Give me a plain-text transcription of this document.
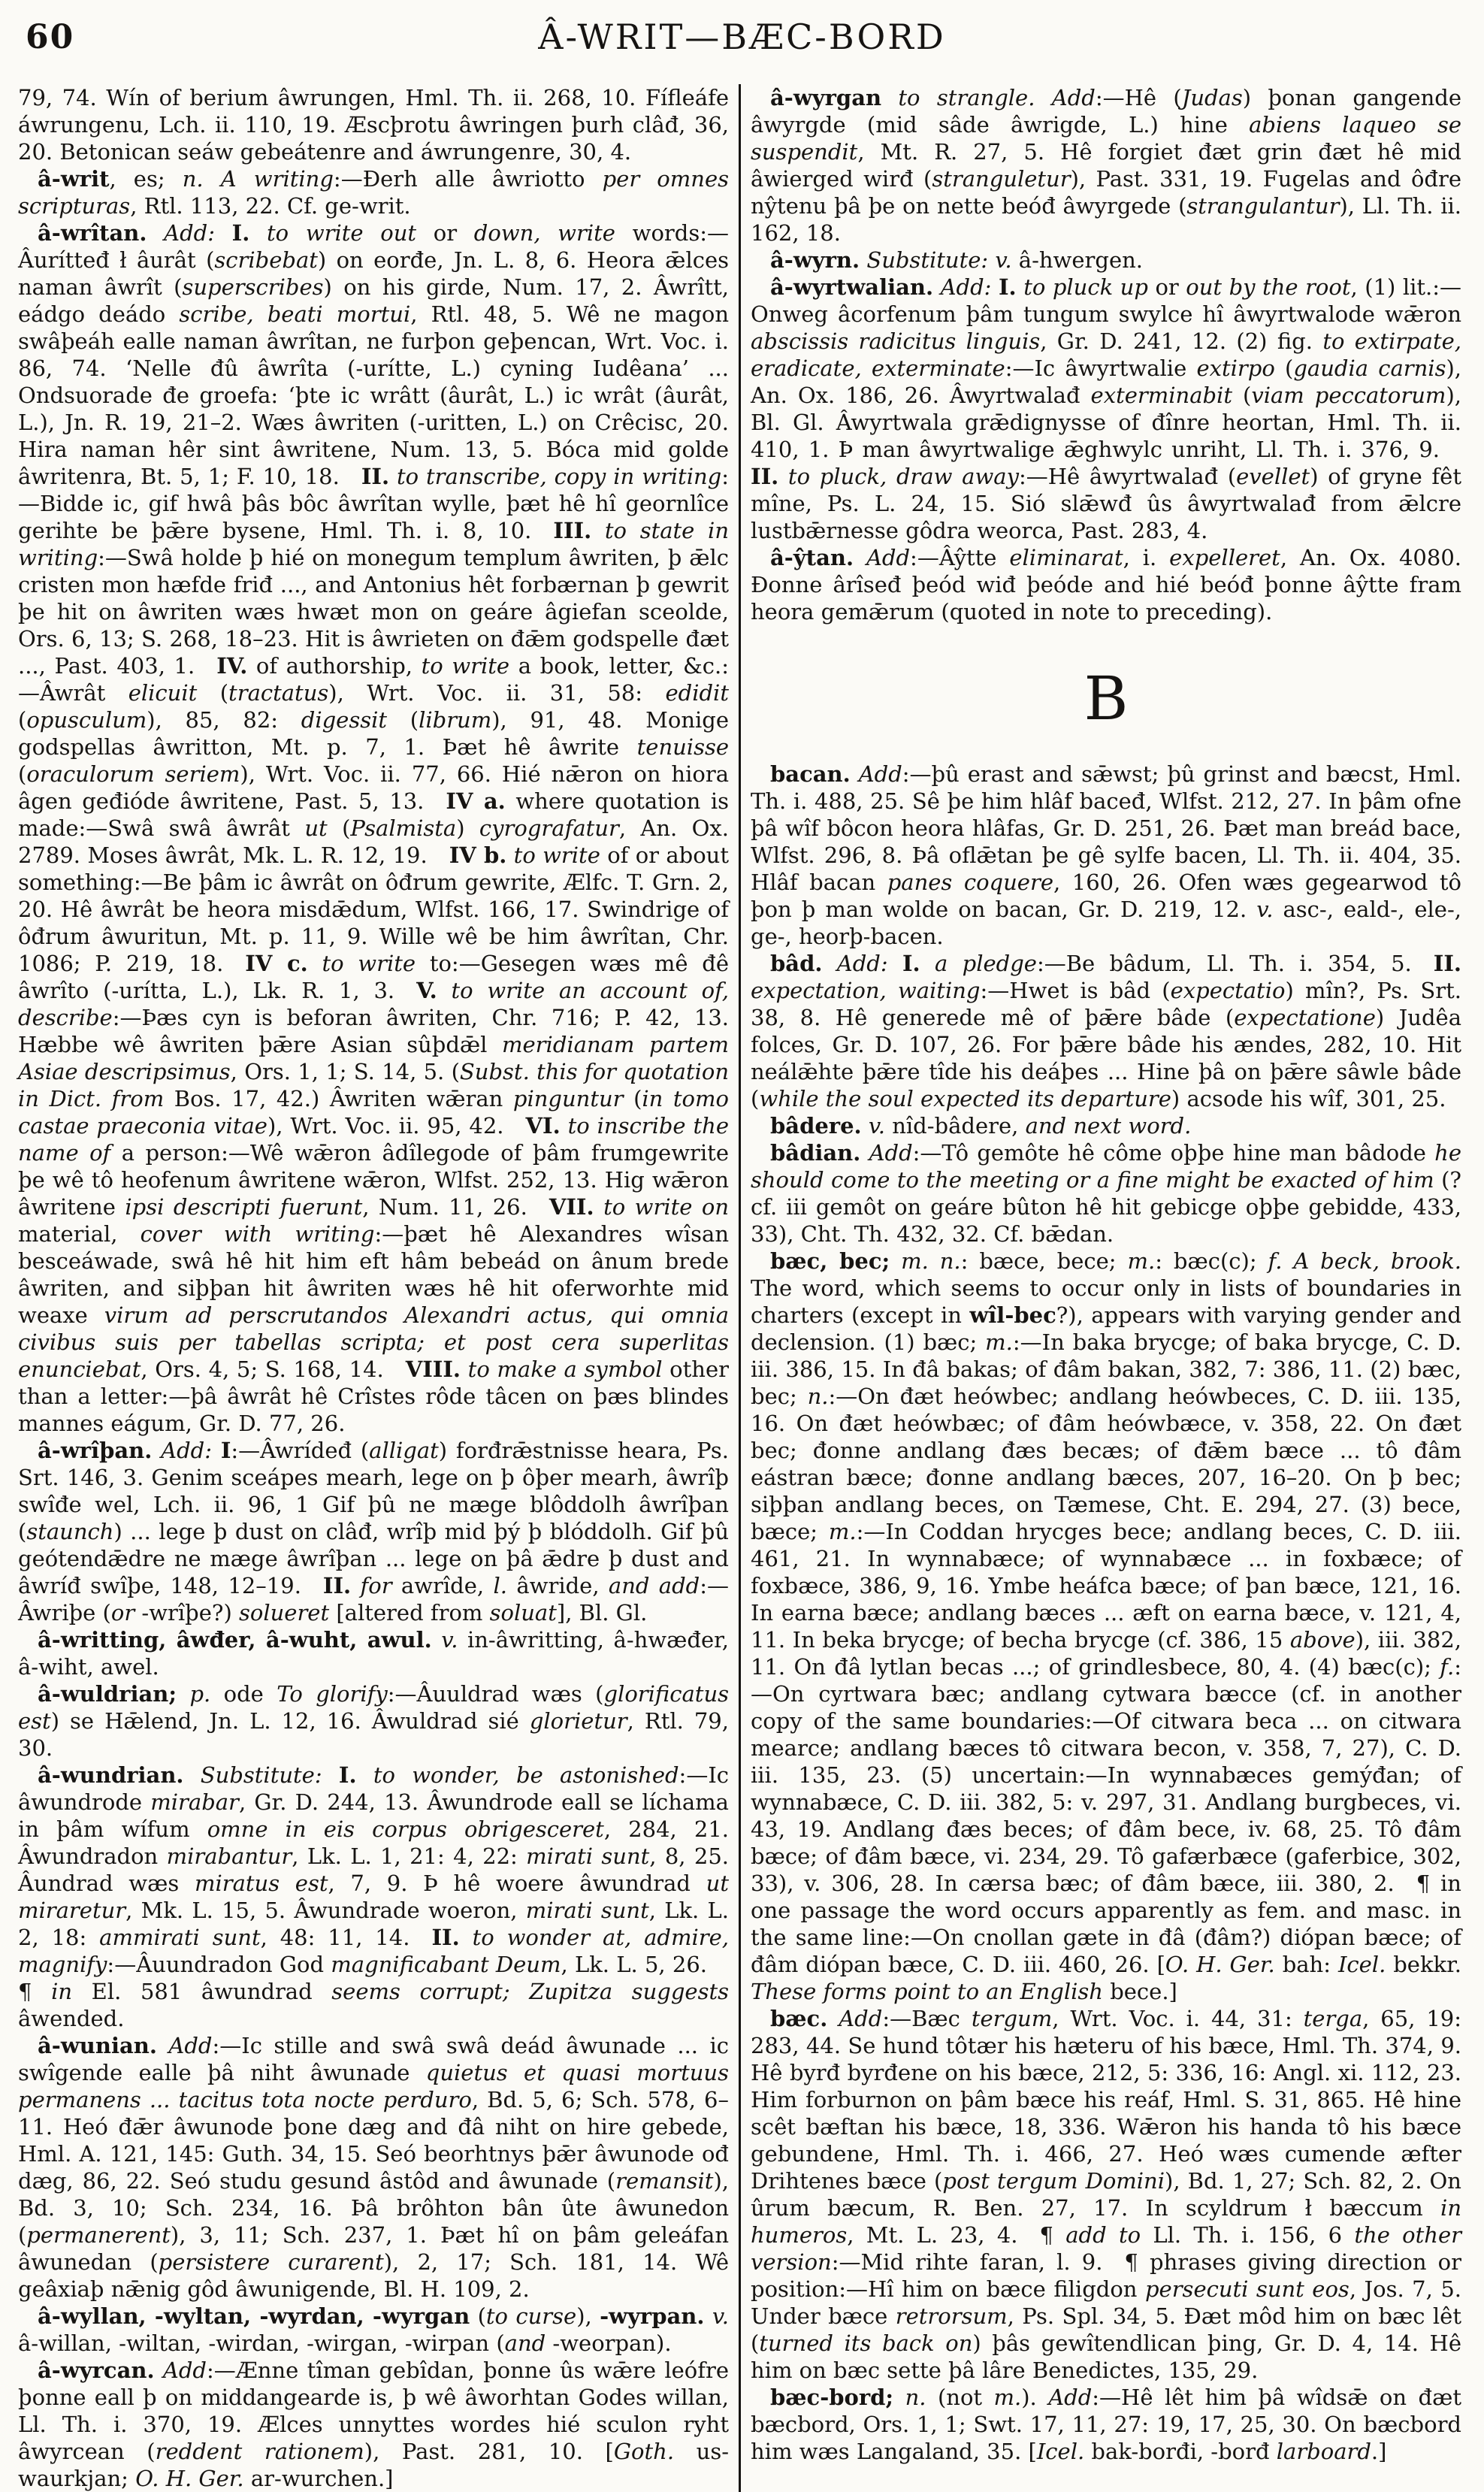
60	Â-WRIT—BÆC-BORD

79, 74. Wín of berium âwrungen, Hml. Th. ii. 268, 10. Fífleáfe áwrungenu, Lch. ii. 110, 19. Æscþrotu âwringen þurh clâđ, 36, 20. Betonican seáw gebeátenre and áwrungenre, 30, 4.

â-writ, es; n. A writing:—Ðerh alle âwriotto per omnes scripturas, Rtl. 113, 22. Cf. ge-writ.

â-wrîtan. Add: I. to write out or down, write words:—Âurítteđ ł âurât (scribebat) on eorđe, Jn. L. 8, 6. Heora ǣlces naman âwrît (superscribes) on his girde, Num. 17, 2. Âwrîtt, eádgo deádo scribe, beati mortui, Rtl. 48, 5. Wê ne magon swâþeáh ealle naman âwrîtan, ne furþon geþencan, Wrt. Voc. i. 86, 74. ‘Nelle đû âwrîta (-urítte, L.) cyning Iudêana’ ... Ondsuorade đe groefa: ‘þte ic wrâtt (âurât, L.) ic wrât (âurât, L.), Jn. R. 19, 21–2. Wæs âwriten (-uritten, L.) on Crêcisc, 20. Hira naman hêr sint âwritene, Num. 13, 5. Bóca mid golde âwritenra, Bt. 5, 1; F. 10, 18. II. to transcribe, copy in writing:—Bidde ic, gif hwâ þâs bôc âwrîtan wylle, þæt hê hî geornlîce gerihte be þǣre bysene, Hml. Th. i. 8, 10. III. to state in writing:—Swâ holde þ hié on monegum templum âwriten, þ ǣlc cristen mon hæfde friđ ..., and Antonius hêt forbærnan þ gewrit þe hit on âwriten wæs hwæt mon on geáre âgiefan sceolde, Ors. 6, 13; S. 268, 18–23. Hit is âwrieten on đǣm godspelle đæt ..., Past. 403, 1. IV. of authorship, to write a book, letter, &c.:—Âwrât elicuit (tractatus), Wrt. Voc. ii. 31, 58: edidit (opusculum), 85, 82: digessit (librum), 91, 48. Monige godspellas âwritton, Mt. p. 7, 1. Þæt hê âwrite tenuisse (oraculorum seriem), Wrt. Voc. ii. 77, 66. Hié nǣron on hiora âgen geđióde âwritene, Past. 5, 13. IV a. where quotation is made:—Swâ swâ âwrât ut (Psalmista) cyrografatur, An. Ox. 2789. Moses âwrât, Mk. L. R. 12, 19. IV b. to write of or about something:—Be þâm ic âwrât on ôđrum gewrite, Ælfc. T. Grn. 2, 20. Hê âwrât be heora misdǣdum, Wlfst. 166, 17. Swindrige of ôđrum âwuritun, Mt. p. 11, 9. Wille wê be him âwrîtan, Chr. 1086; P. 219, 18. IV c. to write to:—Gesegen wæs mê đê âwrîto (-urítta, L.), Lk. R. 1, 3. V. to write an account of, describe:—Þæs cyn is beforan âwriten, Chr. 716; P. 42, 13. Hæbbe wê âwriten þǣre Asian sûþdǣl meridianam partem Asiae descripsimus, Ors. 1, 1; S. 14, 5. (Subst. this for quotation in Dict. from Bos. 17, 42.) Âwriten wǣran pinguntur (in tomo castae praeconia vitae), Wrt. Voc. ii. 95, 42. VI. to inscribe the name of a person:—Wê wǣron âdîlegode of þâm frumgewrite þe wê tô heofenum âwritene wǣron, Wlfst. 252, 13. Hig wǣron âwritene ipsi descripti fuerunt, Num. 11, 26. VII. to write on material, cover with writing:—þæt hê Alexandres wîsan besceáwade, swâ hê hit him eft hâm bebeád on ânum brede âwriten, and siþþan hit âwriten wæs hê hit oferworhte mid weaxe virum ad perscrutandos Alexandri actus, qui omnia civibus suis per tabellas scripta; et post cera superlitas enunciebat, Ors. 4, 5; S. 168, 14. VIII. to make a symbol other than a letter:—þâ âwrât hê Crîstes rôde tâcen on þæs blindes mannes eágum, Gr. D. 77, 26.

â-wrîþan. Add: I:—Âwrídeđ (alligat) forđrǣstnisse heara, Ps. Srt. 146, 3. Genim sceápes mearh, lege on þ ôþer mearh, âwrîþ swîđe wel, Lch. ii. 96, 1 Gif þû ne mæge blôddolh âwrîþan (staunch) ... lege þ dust on clâđ, wrîþ mid þý þ blóddolh. Gif þû geótendǣdre ne mæge âwrîþan ... lege on þâ ǣdre þ dust and âwríđ swîþe, 148, 12–19. II. for awrîde, l. âwride, and add:—Âwriþe (or -wrîþe?) solueret [altered from soluat], Bl. Gl.

â-writting, âwđer, â-wuht, awul. v. in-âwritting, â-hwæđer, â-wiht, awel.

â-wuldrian; p. ode To glorify:—Âuuldrad wæs (glorificatus est) se Hǣlend, Jn. L. 12, 16. Âwuldrad sié glorietur, Rtl. 79, 30.

â-wundrian. Substitute: I. to wonder, be astonished:—Ic âwundrode mirabar, Gr. D. 244, 13. Âwundrode eall se líchama in þâm wífum omne in eis corpus obrigesceret, 284, 21. Âwundradon mirabantur, Lk. L. 1, 21: 4, 22: mirati sunt, 8, 25. Âundrad wæs miratus est, 7, 9. Þ hê woere âwundrad ut miraretur, Mk. L. 15, 5. Âwundrade woeron, mirati sunt, Lk. L. 2, 18: ammirati sunt, 48: 11, 14. II. to wonder at, admire, magnify:—Âuundradon God magnificabant Deum, Lk. L. 5, 26. ¶ in El. 581 âwundrad seems corrupt; Zupitza suggests âwended.

â-wunian. Add:—Ic stille and swâ swâ deád âwunade ... ic swîgende ealle þâ niht âwunade quietus et quasi mortuus permanens ... tacitus tota nocte perduro, Bd. 5, 6; Sch. 578, 6–11. Heó đǣr âwunode þone dæg and đâ niht on hire gebede, Hml. A. 121, 145: Guth. 34, 15. Seó beorhtnys þǣr âwunode ođ dæg, 86, 22. Seó studu gesund âstôd and âwunade (remansit), Bd. 3, 10; Sch. 234, 16. Þâ brôhton bân ûte âwunedon (permanerent), 3, 11; Sch. 237, 1. Þæt hî on þâm geleáfan âwunedan (persistere curarent), 2, 17; Sch. 181, 14. Wê geâxiaþ nǣnig gôd âwunigende, Bl. H. 109, 2.

â-wyllan, -wyltan, -wyrdan, -wyrgan (to curse), -wyrpan. v. â-willan, -wiltan, -wirdan, -wirgan, -wirpan (and -weorpan).

â-wyrcan. Add:—Ænne tîman gebîdan, þonne ûs wǣre leófre þonne eall þ on middangearde is, þ wê âworhtan Godes willan, Ll. Th. i. 370, 19. Ælces unnyttes wordes hié sculon ryht âwyrcean (reddent rationem), Past. 281, 10. [Goth. us-waurkjan; O. H. Ger. ar-wurchen.]

â-wyrgan to strangle. Add:—Hê (Judas) þonan gangende âwyrgde (mid sâde âwrigde, L.) hine abiens laqueo se suspendit, Mt. R. 27, 5. Hê forgiet đæt grin đæt hê mid âwierged wirđ (stranguletur), Past. 331, 19. Fugelas and ôđre nŷtenu þâ þe on nette beóđ âwyrgede (strangulantur), Ll. Th. ii. 162, 18.

â-wyrn. Substitute: v. â-hwergen.

â-wyrtwalian. Add: I. to pluck up or out by the root, (1) lit.:—Onweg âcorfenum þâm tungum swylce hî âwyrtwalode wǣron abscissis radicitus linguis, Gr. D. 241, 12. (2) fig. to extirpate, eradicate, exterminate:—Ic âwyrtwalie extirpo (gaudia carnis), An. Ox. 186, 26. Âwyrtwalađ exterminabit (viam peccatorum), Bl. Gl. Âwyrtwala grǣdignysse of đînre heortan, Hml. Th. ii. 410, 1. Þ man âwyrtwalige ǣghwylc unriht, Ll. Th. i. 376, 9. II. to pluck, draw away:—Hê âwyrtwalađ (evellet) of gryne fêt mîne, Ps. L. 24, 15. Sió slǣwđ ûs âwyrtwalađ from ǣlcre lustbǣrnesse gôdra weorca, Past. 283, 4.

â-ŷtan. Add:—Âŷtte eliminarat, i. expelleret, An. Ox. 4080. Ðonne ârîseđ þeód wiđ þeóde and hié beóđ þonne âŷtte fram heora gemǣrum (quoted in note to preceding).

B

bacan. Add:—þû erast and sǣwst; þû grinst and bæcst, Hml. Th. i. 488, 25. Sê þe him hlâf baceđ, Wlfst. 212, 27. In þâm ofne þâ wîf bôcon heora hlâfas, Gr. D. 251, 26. Þæt man breád bace, Wlfst. 296, 8. Þâ oflǣtan þe gê sylfe bacen, Ll. Th. ii. 404, 35. Hlâf bacan panes coquere, 160, 26. Ofen wæs gegearwod tô þon þ man wolde on bacan, Gr. D. 219, 12. v. asc-, eald-, ele-, ge-, heorþ-bacen.

bâd. Add: I. a pledge:—Be bâdum, Ll. Th. i. 354, 5. II. expectation, waiting:—Hwet is bâd (expectatio) mîn?, Ps. Srt. 38, 8. Hê generede mê of þǣre bâde (expectatione) Judêa folces, Gr. D. 107, 26. For þǣre bâde his ændes, 282, 10. Hit neálǣhte þǣre tîde his deáþes ... Hine þâ on þǣre sâwle bâde (while the soul expected its departure) acsode his wîf, 301, 25.

bâdere. v. nîd-bâdere, and next word.

bâdian. Add:—Tô gemôte hê côme oþþe hine man bâdode he should come to the meeting or a fine might be exacted of him (? cf. iii gemôt on geáre bûton hê hit gebicge oþþe gebidde, 433, 33), Cht. Th. 432, 32. Cf. bǣdan.

bæc, bec; m. n.: bæce, bece; m.: bæc(c); f. A beck, brook. The word, which seems to occur only in lists of boundaries in charters (except in wîl-bec?), appears with varying gender and declension. (1) bæc; m.:—In baka brycge; of baka brycge, C. D. iii. 386, 15. In đâ bakas; of đâm bakan, 382, 7: 386, 11. (2) bæc, bec; n.:—On đæt heówbec; andlang heówbeces, C. D. iii. 135, 16. On đæt heówbæc; of đâm heówbæce, v. 358, 22. On đæt bec; đonne andlang đæs becæs; of đǣm bæce ... tô đâm eástran bæce; đonne andlang bæces, 207, 16–20. On þ bec; siþþan andlang beces, on Tæmese, Cht. E. 294, 27. (3) bece, bæce; m.:—In Coddan hrycges bece; andlang beces, C. D. iii. 461, 21. In wynnabæce; of wynnabæce ... in foxbæce; of foxbæce, 386, 9, 16. Ymbe heáfca bæce; of þan bæce, 121, 16. In earna bæce; andlang bæces ... æft on earna bæce, v. 121, 4, 11. In beka brycge; of becha brycge (cf. 386, 15 above), iii. 382, 11. On đâ lytlan becas ...; of grindlesbece, 80, 4. (4) bæc(c); f.:—On cyrtwara bæc; andlang cytwara bæcce (cf. in another copy of the same boundaries:—Of citwara beca ... on citwara mearce; andlang bæces tô citwara becon, v. 358, 7, 27), C. D. iii. 135, 23. (5) uncertain:—In wynnabæces gemýđan; of wynnabæce, C. D. iii. 382, 5: v. 297, 31. Andlang burgbeces, vi. 43, 19. Andlang đæs beces; of đâm bece, iv. 68, 25. Tô đâm bæce; of đâm bæce, vi. 234, 29. Tô gafærbæce (gaferbice, 302, 33), v. 306, 28. In cærsa bæc; of đâm bæce, iii. 380, 2. ¶ in one passage the word occurs apparently as fem. and masc. in the same line:—On cnollan gæte in đâ (đâm?) diópan bæce; of đâm diópan bæce, C. D. iii. 460, 26. [O. H. Ger. bah: Icel. bekkr. These forms point to an English bece.]

bæc. Add:—Bæc tergum, Wrt. Voc. i. 44, 31: terga, 65, 19: 283, 44. Se hund tôtær his hæteru of his bæce, Hml. Th. 374, 9. Hê byrđ byrđene on his bæce, 212, 5: 336, 16: Angl. xi. 112, 23. Him forburnon on þâm bæce his reáf, Hml. S. 31, 865. Hê hine scêt bæftan his bæce, 18, 336. Wǣron his handa tô his bæce gebundene, Hml. Th. i. 466, 27. Heó wæs cumende æfter Drihtenes bæce (post tergum Domini), Bd. 1, 27; Sch. 82, 2. On ûrum bæcum, R. Ben. 27, 17. In scyldrum ł bæccum in humeros, Mt. L. 23, 4. ¶ add to Ll. Th. i. 156, 6 the other version:—Mid rihte faran, l. 9. ¶ phrases giving direction or position:—Hî him on bæce filigdon persecuti sunt eos, Jos. 7, 5. Under bæce retrorsum, Ps. Spl. 34, 5. Ðæt môd him on bæc lêt (turned its back on) þâs gewîtendlican þing, Gr. D. 4, 14. Hê him on bæc sette þâ lâre Benedictes, 135, 29.

bæc-bord; n. (not m.). Add:—Hê lêt him þâ wîdsǣ on đæt bæcbord, Ors. 1, 1; Swt. 17, 11, 27: 19, 17, 25, 30. On bæcbord him wæs Langaland, 35. [Icel. bak-borđi, -borđ larboard.]
